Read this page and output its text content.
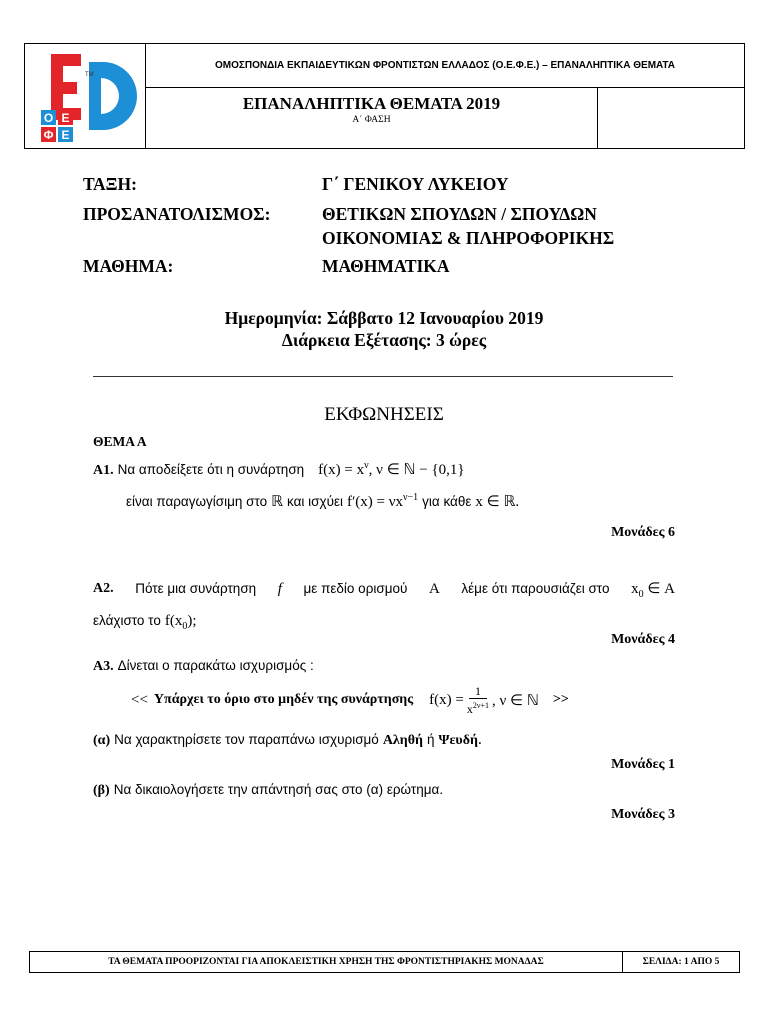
TM
Ο Ε
Φ Ε
ΟΜΟΣΠΟΝΔΙΑ ΕΚΠΑΙΔΕΥΤΙΚΩΝ ΦΡΟΝΤΙΣΤΩΝ ΕΛΛΑΔΟΣ (Ο.Ε.Φ.Ε.) – ΕΠΑΝΑΛΗΠΤΙΚΑ ΘΕΜΑΤΑ
ΕΠΑΝΑΛΗΠΤΙΚΑ ΘΕΜΑΤΑ 2019
Α΄ ΦΑΣΗ
ΤΑΞΗ:	Γ΄ ΓΕΝΙΚΟΥ ΛΥΚΕΙΟΥ
ΠΡΟΣΑΝΑΤΟΛΙΣΜΟΣ:	ΘΕΤΙΚΩΝ ΣΠΟΥΔΩΝ / ΣΠΟΥΔΩΝ
ΟΙΚΟΝΟΜΙΑΣ & ΠΛΗΡΟΦΟΡΙΚΗΣ
ΜΑΘΗΜΑ:	ΜΑΘΗΜΑΤΙΚΑ
Ημερομηνία: Σάββατο 12 Ιανουαρίου 2019
Διάρκεια Εξέτασης: 3 ώρες
ΕΚΦΩΝΗΣΕΙΣ
ΘΕΜΑ Α
Α1. Να αποδείξετε ότι η συνάρτηση $f(x) = x^\nu$, ν ∈ ℕ − {0,1}
είναι παραγωγίσιμη στο ℝ και ισχύει $f'(x) = \nu x^{\nu-1}$ για κάθε x ∈ ℝ.
Μονάδες 6
Α2. Πότε μια συνάρτηση f με πεδίο ορισμού Α λέμε ότι παρουσιάζει στο $x_0$ ∈ Α
ελάχιστο το $f(x_0)$;
Μονάδες 4
Α3. Δίνεται ο παρακάτω ισχυρισμός :
<< Υπάρχει το όριο στο μηδέν της συνάρτησης $f(x) = \frac{1}{x^{2\nu+1}}$ , ν ∈ ℕ >>
(α) Να χαρακτηρίσετε τον παραπάνω ισχυρισμό Αληθή ή Ψευδή.
Μονάδες 1
(β) Να δικαιολογήσετε την απάντησή σας στο (α) ερώτημα.
Μονάδες 3
ΤΑ ΘΕΜΑΤΑ ΠΡΟΟΡΙΖΟΝΤΑΙ ΓΙΑ ΑΠΟΚΛΕΙΣΤΙΚΗ ΧΡΗΣΗ ΤΗΣ ΦΡΟΝΤΙΣΤΗΡΙΑΚΗΣ ΜΟΝΑΔΑΣ	ΣΕΛΙΔΑ: 1 ΑΠΟ 5
